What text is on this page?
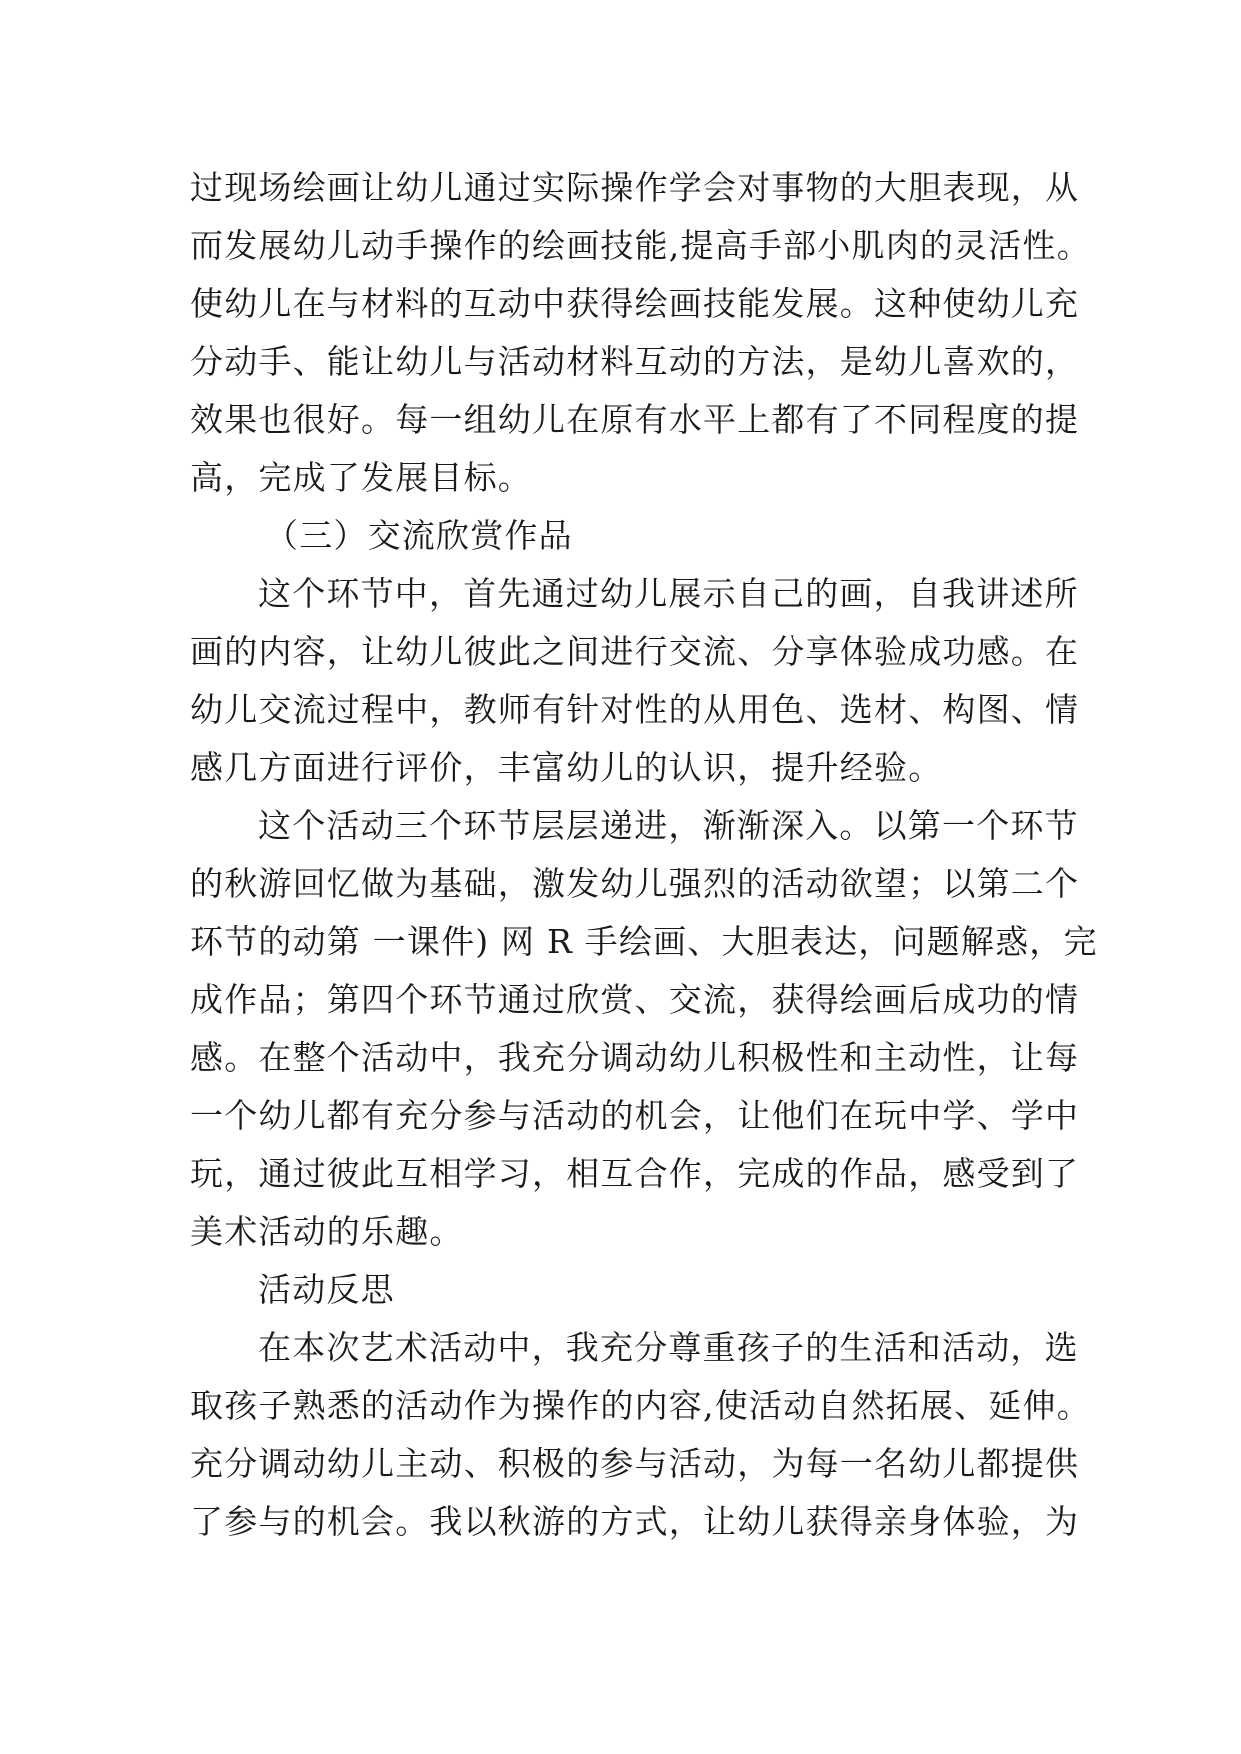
过现场绘画让幼儿通过实际操作学会对事物的大胆表现，从
而发展幼儿动手操作的绘画技能,提高手部小肌肉的灵活性。
使幼儿在与材料的互动中获得绘画技能发展。这种使幼儿充
分动手、能让幼儿与活动材料互动的方法，是幼儿喜欢的，
效果也很好。每一组幼儿在原有水平上都有了不同程度的提
高，完成了发展目标。
（三）交流欣赏作品
这个环节中，首先通过幼儿展示自己的画，自我讲述所
画的内容，让幼儿彼此之间进行交流、分享体验成功感。在
幼儿交流过程中，教师有针对性的从用色、选材、构图、情
感几方面进行评价，丰富幼儿的认识，提升经验。
这个活动三个环节层层递进，渐渐深入。以第一个环节
的秋游回忆做为基础，激发幼儿强烈的活动欲望；以第二个
环节的动第 一课件) 网 R 手绘画、大胆表达，问题解惑，完
成作品；第四个环节通过欣赏、交流，获得绘画后成功的情
感。在整个活动中，我充分调动幼儿积极性和主动性，让每
一个幼儿都有充分参与活动的机会，让他们在玩中学、学中
玩，通过彼此互相学习，相互合作，完成的作品，感受到了
美术活动的乐趣。
活动反思
在本次艺术活动中，我充分尊重孩子的生活和活动，选
取孩子熟悉的活动作为操作的内容,使活动自然拓展、延伸。
充分调动幼儿主动、积极的参与活动，为每一名幼儿都提供
了参与的机会。我以秋游的方式，让幼儿获得亲身体验，为
